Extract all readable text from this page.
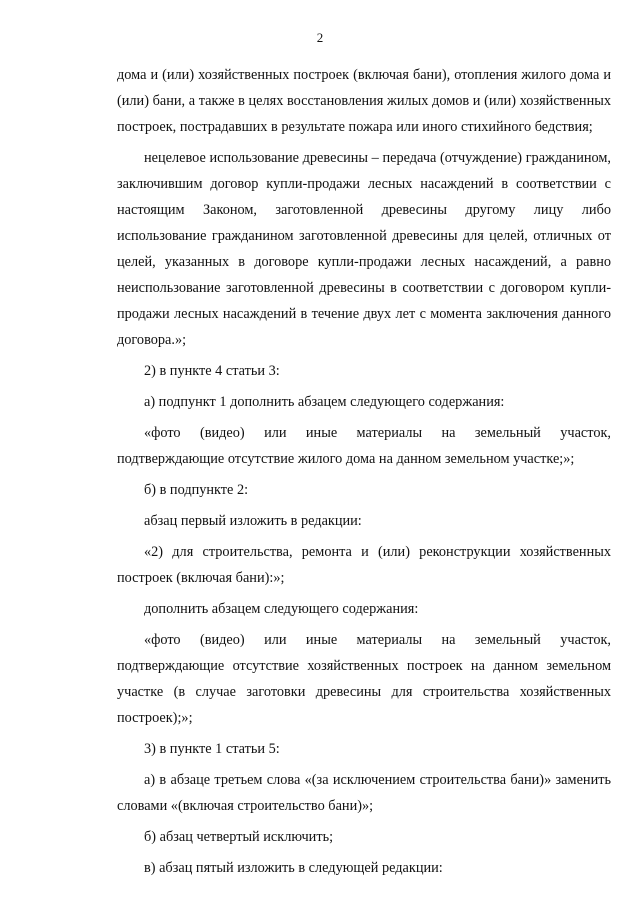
2

дома и (или) хозяйственных построек (включая бани), отопления жилого дома и (или) бани, а также в целях восстановления жилых домов и (или) хозяйственных построек, пострадавших в результате пожара или иного стихийного бедствия;

нецелевое использование древесины – передача (отчуждение) гражданином, заключившим договор купли-продажи лесных насаждений в соответствии с настоящим Законом, заготовленной древесины другому лицу либо использование гражданином заготовленной древесины для целей, отличных от целей, указанных в договоре купли-продажи лесных насаждений, а равно неиспользование заготовленной древесины в соответствии с договором купли-продажи лесных насаждений в течение двух лет с момента заключения данного договора.»;

2) в пункте 4 статьи 3:

а) подпункт 1 дополнить абзацем следующего содержания:

«фото (видео) или иные материалы на земельный участок, подтверждающие отсутствие жилого дома на данном земельном участке;»;

б) в подпункте 2:

абзац первый изложить в редакции:

«2) для строительства, ремонта и (или) реконструкции хозяйственных построек (включая бани):»;

дополнить абзацем следующего содержания:

«фото (видео) или иные материалы на земельный участок, подтверждающие отсутствие хозяйственных построек на данном земельном участке (в случае заготовки древесины для строительства хозяйственных построек);»;

3) в пункте 1 статьи 5:

а) в абзаце третьем слова «(за исключением строительства бани)» заменить словами «(включая строительство бани)»;

б) абзац четвертый исключить;

в) абзац пятый изложить в следующей редакции:
